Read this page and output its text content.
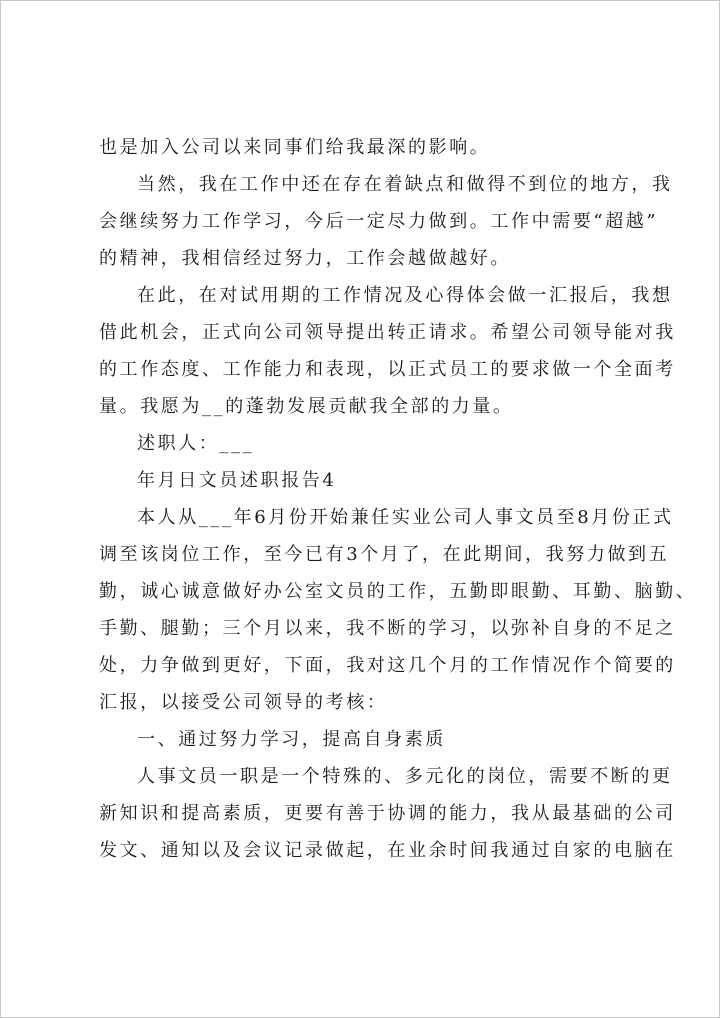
也是加入公司以来同事们给我最深的影响。
当然，我在工作中还在存在着缺点和做得不到位的地方，我
会继续努力工作学习，今后一定尽力做到。工作中需要“超越”
的精神，我相信经过努力，工作会越做越好。
在此，在对试用期的工作情况及心得体会做一汇报后，我想
借此机会，正式向公司领导提出转正请求。希望公司领导能对我
的工作态度、工作能力和表现，以正式员工的要求做一个全面考
量。我愿为__的蓬勃发展贡献我全部的力量。
述职人：___
年月日文员述职报告4
本人从___年6月份开始兼任实业公司人事文员至8月份正式
调至该岗位工作，至今已有3个月了，在此期间，我努力做到五
勤，诚心诚意做好办公室文员的工作，五勤即眼勤、耳勤、脑勤、
手勤、腿勤；三个月以来，我不断的学习，以弥补自身的不足之
处，力争做到更好，下面，我对这几个月的工作情况作个简要的
汇报，以接受公司领导的考核：
一、通过努力学习，提高自身素质
人事文员一职是一个特殊的、多元化的岗位，需要不断的更
新知识和提高素质，更要有善于协调的能力，我从最基础的公司
发文、通知以及会议记录做起，在业余时间我通过自家的电脑在
